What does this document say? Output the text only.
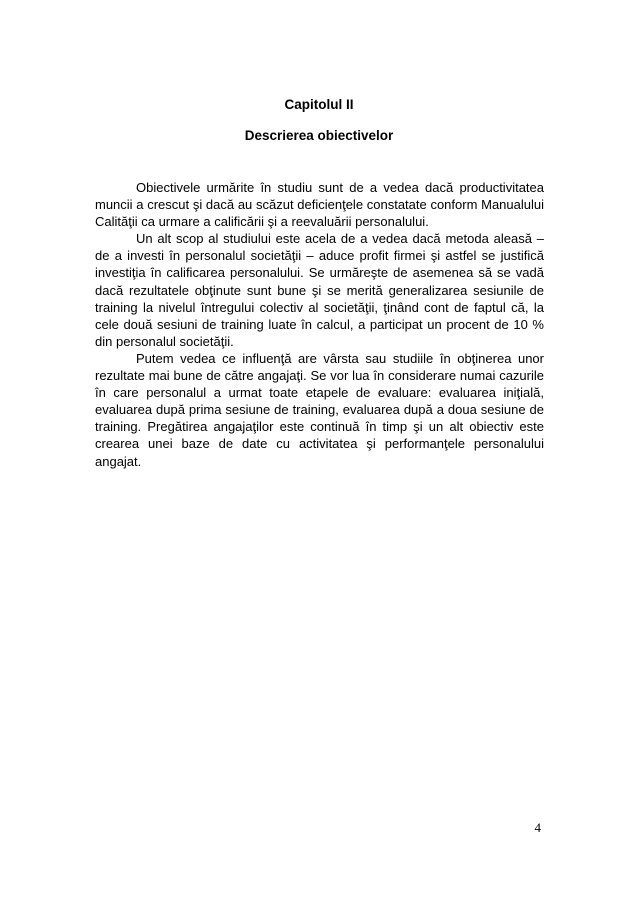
Capitolul II
Descrierea obiectivelor

Obiectivele urmărite în studiu sunt de a vedea dacă productivitatea muncii a crescut şi dacă au scăzut deficienţele constatate conform Manualului Calităţii ca urmare a calificării şi a reevaluării personalului.

Un alt scop al studiului este acela de a vedea dacă metoda aleasă – de a investi în personalul societăţii – aduce profit firmei şi astfel se justifică investiţia în calificarea personalului. Se urmăreşte de asemenea să se vadă dacă rezultatele obţinute sunt bune şi se merită generalizarea sesiunile de training la nivelul întregului colectiv al societăţii, ţinând cont de faptul că, la cele două sesiuni de training luate în calcul, a participat un procent de 10 % din personalul societăţii.

Putem vedea ce influenţă are vârsta sau studiile în obţinerea unor rezultate mai bune de către angajaţi. Se vor lua în considerare numai cazurile în care personalul a urmat toate etapele de evaluare: evaluarea iniţială, evaluarea după prima sesiune de training, evaluarea după a doua sesiune de training. Pregătirea angajaţilor este continuă în timp şi un alt obiectiv este crearea unei baze de date cu activitatea şi performanţele personalului angajat.

4
